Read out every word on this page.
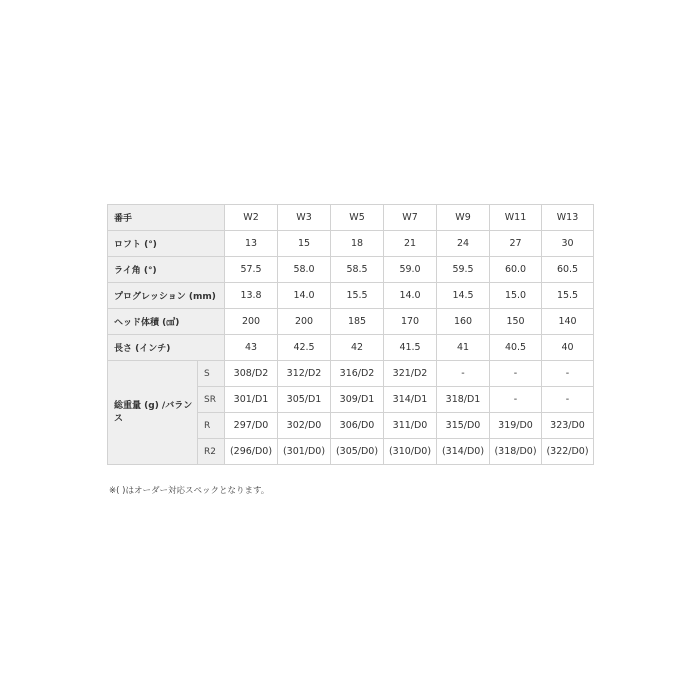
番手		W2	W3	W5	W7	W9	W11	W13
ロフト (°)		13	15	18	21	24	27	30
ライ角 (°)		57.5	58.0	58.5	59.0	59.5	60.0	60.5
プログレッション (mm)		13.8	14.0	15.5	14.0	14.5	15.0	15.5
ヘッド体積 (㎤)		200	200	185	170	160	150	140
長さ (インチ)		43	42.5	42	41.5	41	40.5	40
総重量 (g) /バランス	S	308/D2	312/D2	316/D2	321/D2	-	-	-
	SR	301/D1	305/D1	309/D1	314/D1	318/D1	-	-
	R	297/D0	302/D0	306/D0	311/D0	315/D0	319/D0	323/D0
	R2	(296/D0)	(301/D0)	(305/D0)	(310/D0)	(314/D0)	(318/D0)	(322/D0)
※( )はオーダー対応スペックとなります。
